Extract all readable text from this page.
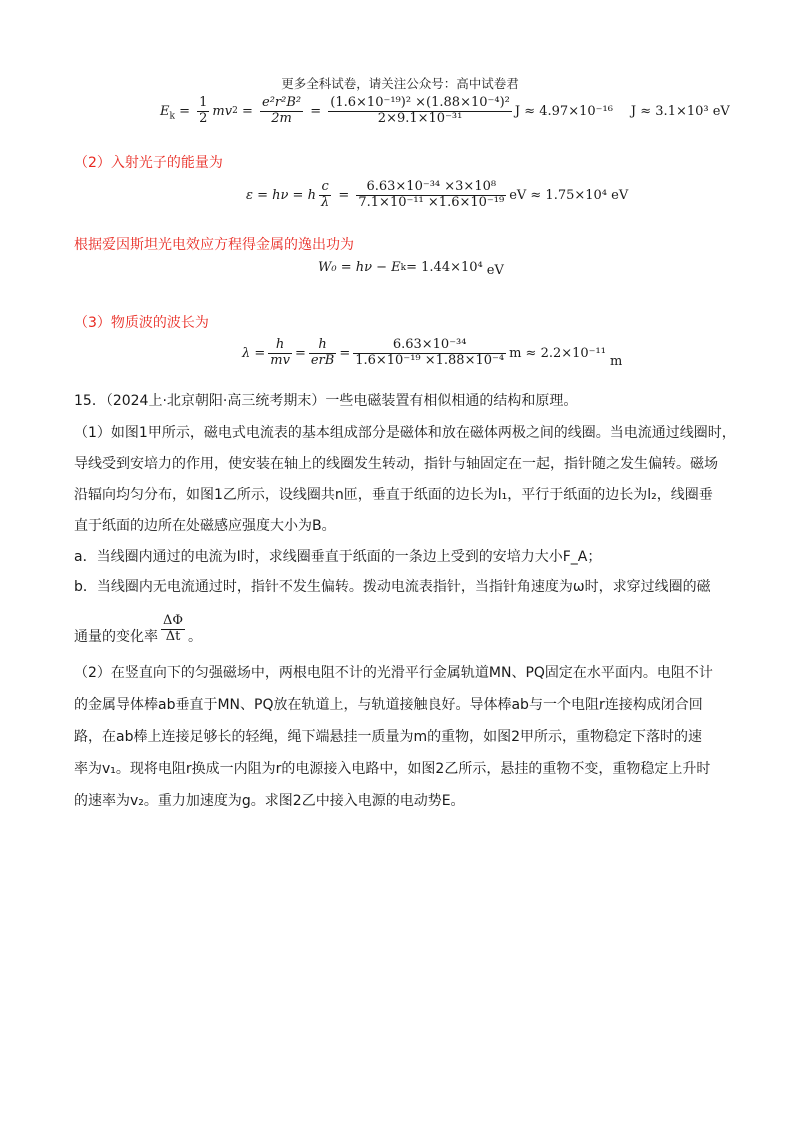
更多全科试卷，请关注公众号：高中试卷君
$E_k = \frac{1}{2}$ mv $2 = \frac{\text{e²r²B²}}{2m} = \frac{\text{(1.6×10⁻¹⁹)² ×(1.88×10⁻⁴)²}}{\text{2×9.1×10⁻³¹}}$ J ≈ 4.97×10⁻¹⁶ J ≈ 3.1×10³ eV
（2）入射光子的能量为
ε = hν = h $\frac{c}{\lambda} = \frac{\text{6.63×10⁻³⁴ ×3×10⁸}}{\text{7.1×10⁻¹¹ ×1.6×10⁻¹⁹}}$ eV ≈ 1.75×10⁴ eV
根据爱因斯坦光电效应方程得金属的逸出功为
W₀ = hν − E k = 1.44×10⁴ eV
（3）物质波的波长为
$\lambda = \frac{h}{mv} = \frac{h}{\text{erB}} = \frac{\text{6.63×10⁻³⁴}}{\text{1.6×10⁻¹⁹ ×1.88×10⁻⁴}}$ m ≈ 2.2×10⁻¹¹
m
15．（2024上·北京朝阳·高三统考期末）一些电磁装置有相似相通的结构和原理。
（1）如图1甲所示，磁电式电流表的基本组成部分是磁体和放在磁体两极之间的线圈。当电流通过线圈时，
导线受到安培力的作用，使安装在轴上的线圈发生转动，指针与轴固定在一起，指针随之发生偏转。磁场
沿辐向均匀分布，如图1乙所示，设线圈共n匝，垂直于纸面的边长为l₁，平行于纸面的边长为l₂，线圈垂
直于纸面的边所在处磁感应强度大小为B。
a．当线圈内通过的电流为I时，求线圈垂直于纸面的一条边上受到的安培力大小F_A；
b．当线圈内无电流通过时，指针不发生偏转。拨动电流表指针，当指针角速度为ω时，求穿过线圈的磁
通量的变化率 $\frac{\Delta\Phi}{\Delta t}$ 。
（2）在竖直向下的匀强磁场中，两根电阻不计的光滑平行金属轨道MN、PQ固定在水平面内。电阻不计
的金属导体棒ab垂直于MN、PQ放在轨道上，与轨道接触良好。导体棒ab与一个电阻r连接构成闭合回
路，在ab棒上连接足够长的轻绳，绳下端悬挂一质量为m的重物，如图2甲所示，重物稳定下落时的速
率为v₁。现将电阻r换成一内阻为r的电源接入电路中，如图2乙所示，悬挂的重物不变，重物稳定上升时
的速率为v₂。重力加速度为g。求图2乙中接入电源的电动势E。
